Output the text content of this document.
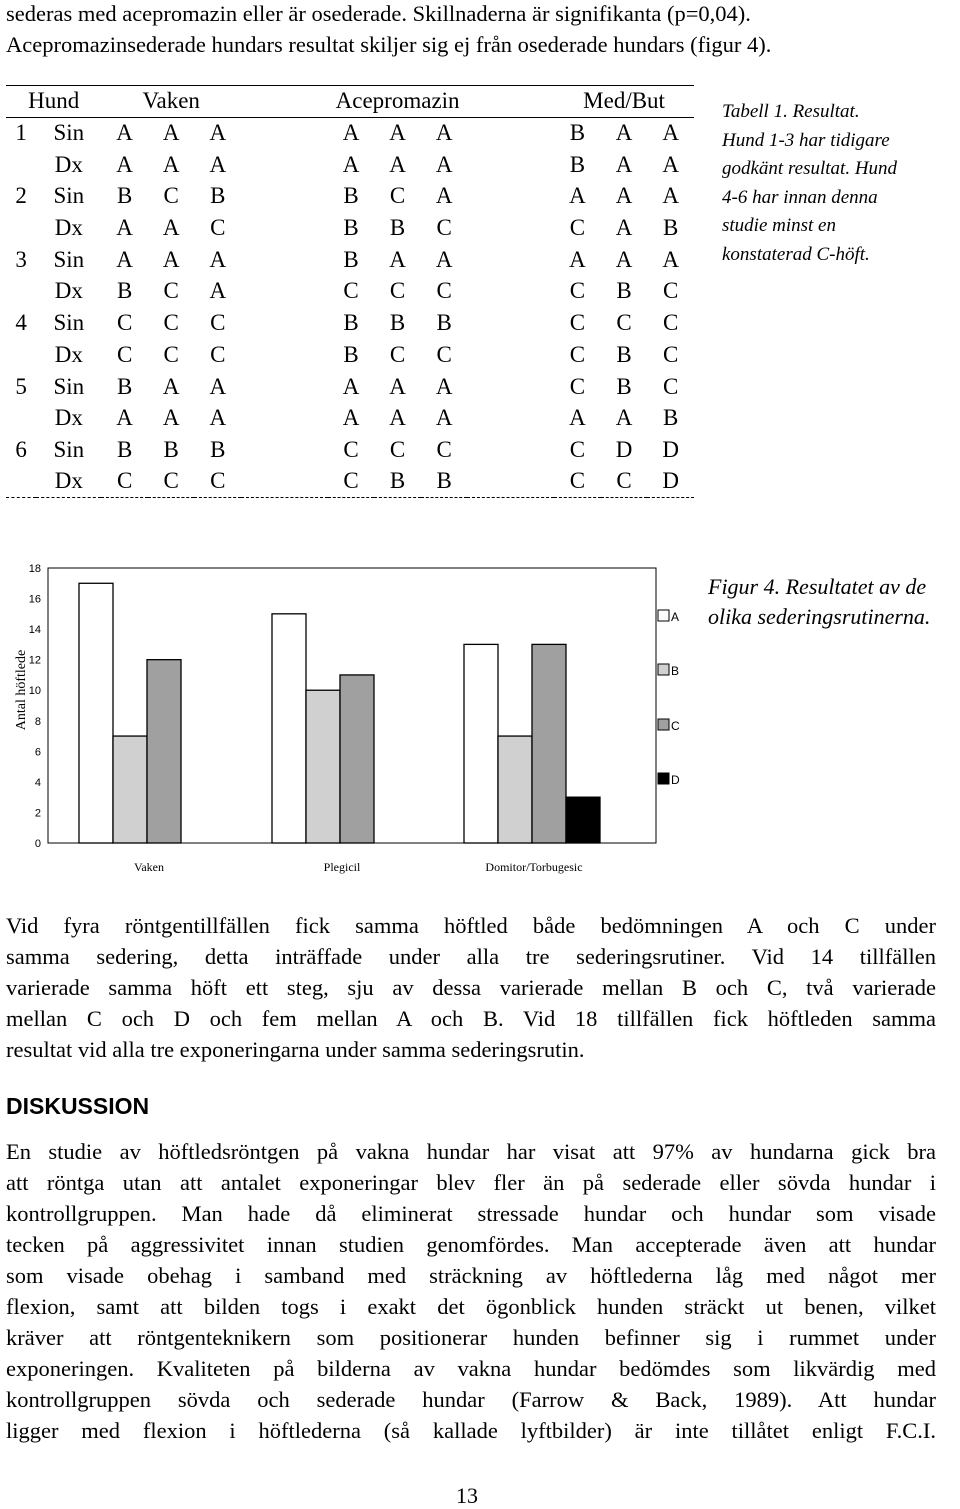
sederas med acepromazin eller är osederade. Skillnaderna är signifikanta (p=0,04).
Acepromazinsederade hundars resultat skiljer sig ej från osederade hundars (figur 4).
Hund		Vaken			Acepromazin					Med/But		
1	Sin	A	A	A		A	A	A		B	A	A
	Dx	A	A	A		A	A	A		B	A	A
2	Sin	B	C	B		B	C	A		A	A	A
	Dx	A	A	C		B	B	C		C	A	B
3	Sin	A	A	A		B	A	A		A	A	A
	Dx	B	C	A		C	C	C		C	B	C
4	Sin	C	C	C		B	B	B		C	C	C
	Dx	C	C	C		B	C	C		C	B	C
5	Sin	B	A	A		A	A	A		C	B	C
	Dx	A	A	A		A	A	A		A	A	B
6	Sin	B	B	B		C	C	C		C	D	D
	Dx	C	C	C		C	B	B		C	C	D
Tabell 1. Resultat.
Hund 1-3 har tidigare
godkänt resultat. Hund
4-6 har innan denna
studie minst en
konstaterad C-höft.
0
2
4
6
8
10
12
14
16
18
Antal höftlede
Vaken	Plegicil	Domitor/Torbugesic
A
B
C
D
Figur 4. Resultatet av de
olika sederingsrutinerna.
Vid fyra röntgentillfällen fick samma höftled både bedömningen A och C under
samma sedering, detta inträffade under alla tre sederingsrutiner. Vid 14 tillfällen
varierade samma höft ett steg, sju av dessa varierade mellan B och C, två varierade
mellan C och D och fem mellan A och B. Vid 18 tillfällen fick höftleden samma
resultat vid alla tre exponeringarna under samma sederingsrutin.
DISKUSSION
En studie av höftledsröntgen på vakna hundar har visat att 97% av hundarna gick bra
att röntga utan att antalet exponeringar blev fler än på sederade eller sövda hundar i
kontrollgruppen. Man hade då eliminerat stressade hundar och hundar som visade
tecken på aggressivitet innan studien genomfördes. Man accepterade även att hundar
som visade obehag i samband med sträckning av höftlederna låg med något mer
flexion, samt att bilden togs i exakt det ögonblick hunden sträckt ut benen, vilket
kräver att röntgenteknikern som positionerar hunden befinner sig i rummet under
exponeringen. Kvaliteten på bilderna av vakna hundar bedömdes som likvärdig med
kontrollgruppen sövda och sederade hundar (Farrow & Back, 1989). Att hundar
ligger med flexion i höftlederna (så kallade lyftbilder) är inte tillåtet enligt F.C.I.
13
